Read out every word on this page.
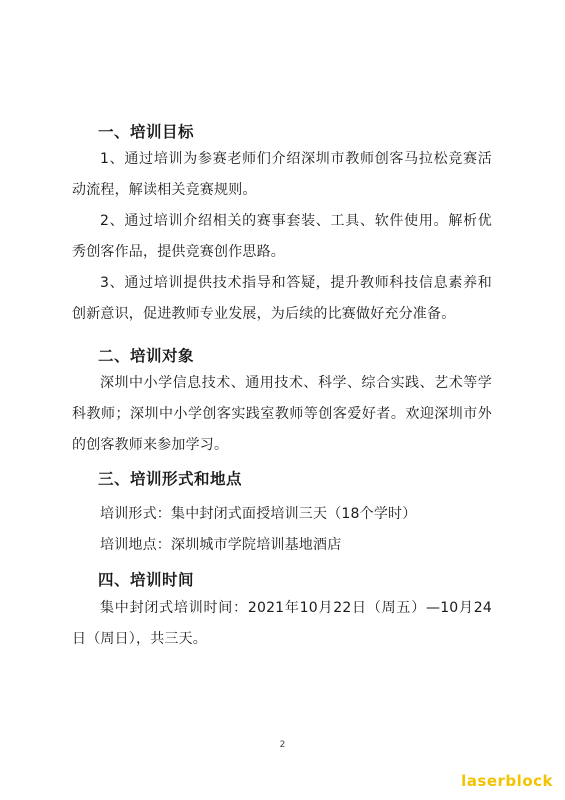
一、培训目标
1、通过培训为参赛老师们介绍深圳市教师创客马拉松竞赛活动流程，解读相关竞赛规则。
2、通过培训介绍相关的赛事套装、工具、软件使用。解析优秀创客作品，提供竞赛创作思路。
3、通过培训提供技术指导和答疑，提升教师科技信息素养和创新意识，促进教师专业发展，为后续的比赛做好充分准备。
二、培训对象
深圳中小学信息技术、通用技术、科学、综合实践、艺术等学科教师；深圳中小学创客实践室教师等创客爱好者。欢迎深圳市外的创客教师来参加学习。
三、培训形式和地点
培训形式：集中封闭式面授培训三天（18个学时）
培训地点：深圳城市学院培训基地酒店
四、培训时间
集中封闭式培训时间：2021年10月22日（周五）—10月24日（周日），共三天。
2
laserblock
